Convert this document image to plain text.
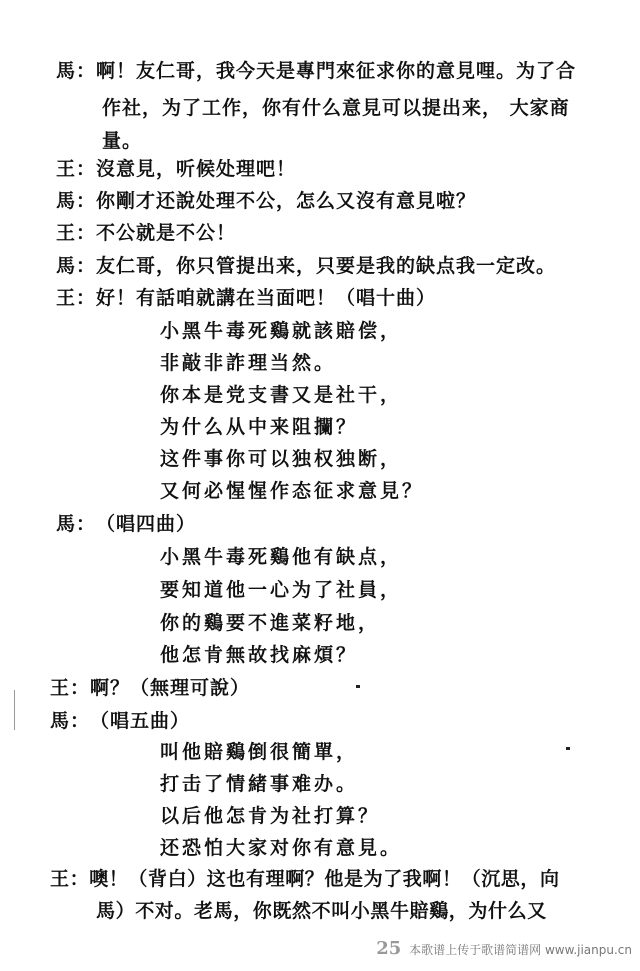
馬：啊！友仁哥，我今天是專門來征求你的意見哩。为了合
作社，为了工作，你有什么意見可以提出来， 大家商
量。
王：沒意見，听候处理吧！
馬：你剛才还說处理不公，怎么又沒有意見啦？
王：不公就是不公！
馬：友仁哥，你只管提出来，只要是我的缺点我一定改。
王：好！有話咱就講在当面吧！（唱十曲）
小黑牛毒死鷄就該賠偿，
非敲非詐理当然。
你本是党支書又是社干，
为什么从中来阻攔？
这件事你可以独权独断，
又何必惺惺作态征求意見？
馬：（唱四曲）
小黑牛毒死鷄他有缺点，
要知道他一心为了社員，
你的鷄要不進菜籽地，
他怎肯無故找麻煩？
王：啊？（無理可說）
馬：（唱五曲）
叫他賠鷄倒很簡單，
打击了情緒事难办。
以后他怎肯为社打算？
还恐怕大家对你有意見。
王：噢！（背白）这也有理啊？他是为了我啊！（沉思，向
馬）不对。老馬，你既然不叫小黑牛賠鷄，为什么又
25 本歌谱上传于歌谱简谱网 www.jianpu.cn
